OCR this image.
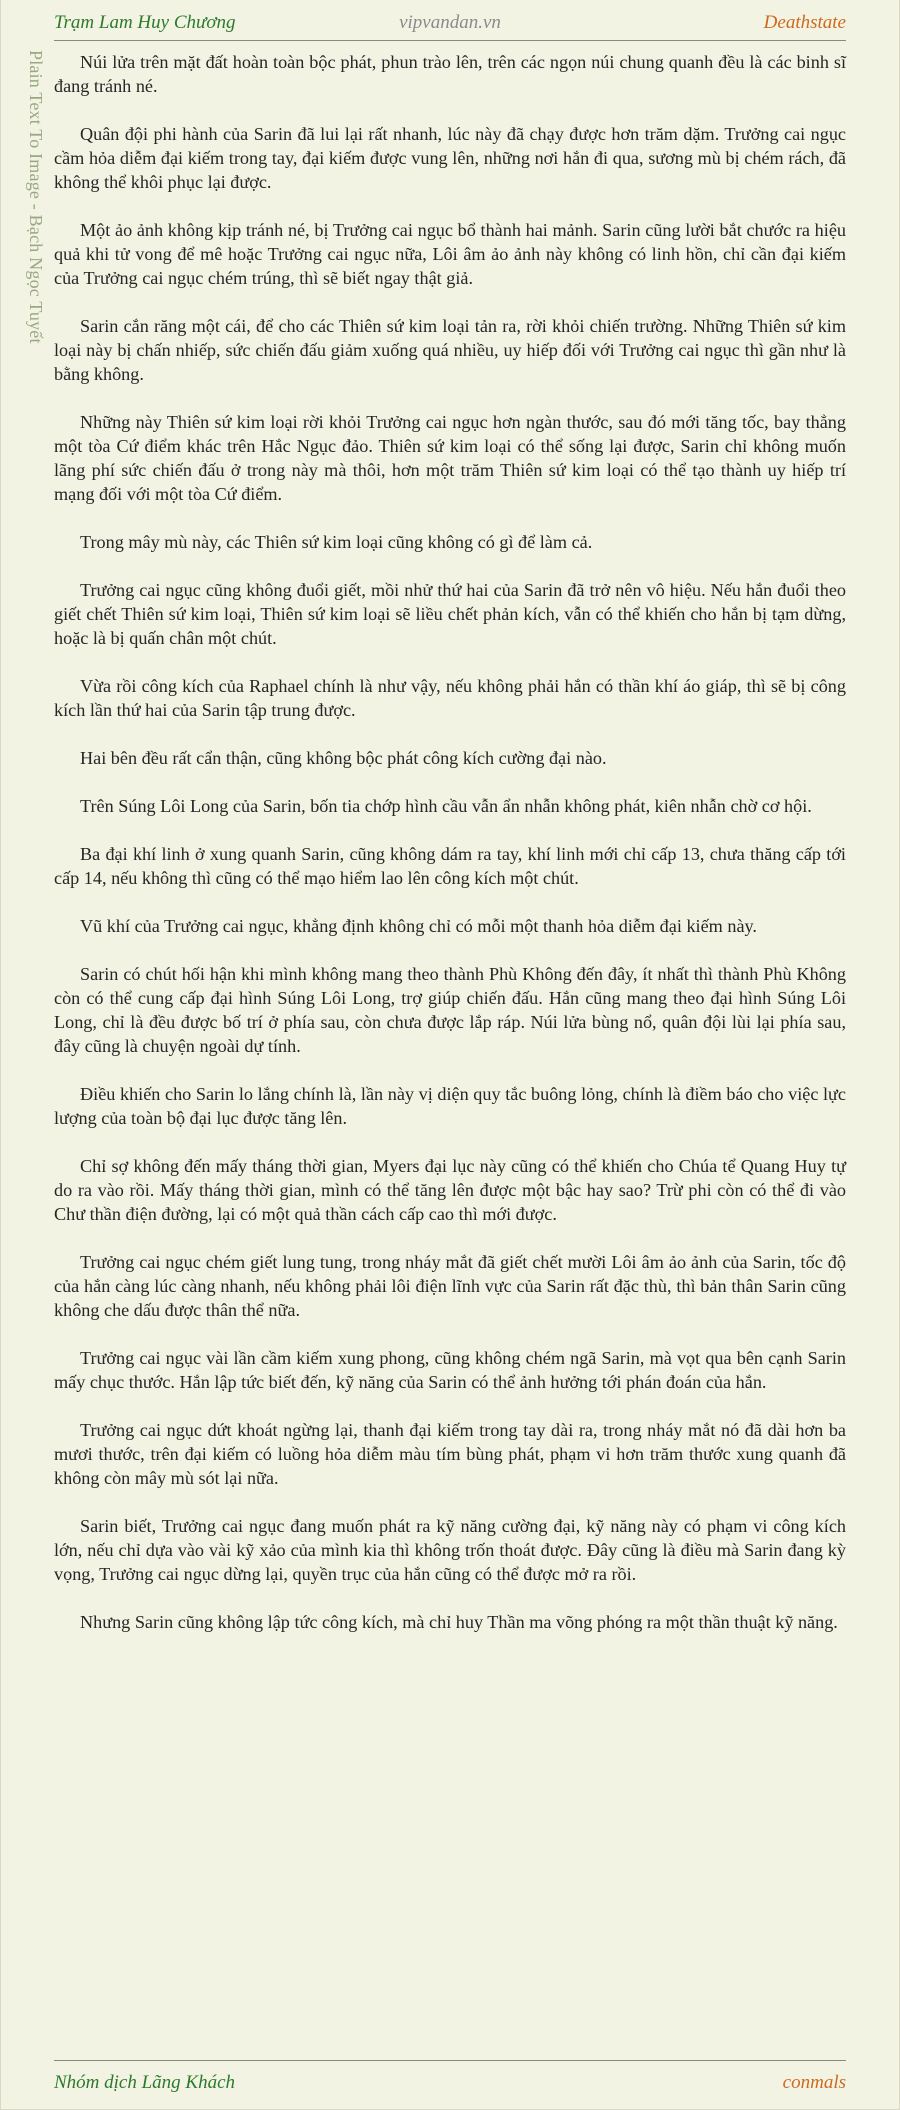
Trạm Lam Huy Chương	vipvandan.vn	Deathstate
Plain Text To Image - Bạch Ngọc Tuyết	Núi lửa trên mặt đất hoàn toàn bộc phát, phun trào lên, trên các ngọn núi chung quanh đều là các binh sĩ đang tránh né.

Quân đội phi hành của Sarin đã lui lại rất nhanh, lúc này đã chạy được hơn trăm dặm. Trưởng cai ngục cầm hỏa diễm đại kiếm trong tay, đại kiếm được vung lên, những nơi hắn đi qua, sương mù bị chém rách, đã không thể khôi phục lại được.

Một ảo ảnh không kịp tránh né, bị Trưởng cai ngục bổ thành hai mảnh. Sarin cũng lười bắt chước ra hiệu quả khi tử vong để mê hoặc Trưởng cai ngục nữa, Lôi âm ảo ảnh này không có linh hồn, chỉ cần đại kiếm của Trưởng cai ngục chém trúng, thì sẽ biết ngay thật giả.

Sarin cắn răng một cái, để cho các Thiên sứ kim loại tản ra, rời khỏi chiến trường. Những Thiên sứ kim loại này bị chấn nhiếp, sức chiến đấu giảm xuống quá nhiều, uy hiếp đối với Trưởng cai ngục thì gần như là bằng không.

Những này Thiên sứ kim loại rời khỏi Trưởng cai ngục hơn ngàn thước, sau đó mới tăng tốc, bay thẳng một tòa Cứ điểm khác trên Hắc Ngục đảo. Thiên sứ kim loại có thể sống lại được, Sarin chỉ không muốn lãng phí sức chiến đấu ở trong này mà thôi, hơn một trăm Thiên sứ kim loại có thể tạo thành uy hiếp trí mạng đối với một tòa Cứ điểm.

Trong mây mù này, các Thiên sứ kim loại cũng không có gì để làm cả.

Trưởng cai ngục cũng không đuổi giết, mồi nhử thứ hai của Sarin đã trở nên vô hiệu. Nếu hắn đuổi theo giết chết Thiên sứ kim loại, Thiên sứ kim loại sẽ liều chết phản kích, vẫn có thể khiến cho hắn bị tạm dừng, hoặc là bị quấn chân một chút.

Vừa rồi công kích của Raphael chính là như vậy, nếu không phải hắn có thần khí áo giáp, thì sẽ bị công kích lần thứ hai của Sarin tập trung được.

Hai bên đều rất cẩn thận, cũng không bộc phát công kích cường đại nào.

Trên Súng Lôi Long của Sarin, bốn tia chớp hình cầu vẫn ẩn nhẫn không phát, kiên nhẫn chờ cơ hội.

Ba đại khí linh ở xung quanh Sarin, cũng không dám ra tay, khí linh mới chỉ cấp 13, chưa thăng cấp tới cấp 14, nếu không thì cũng có thể mạo hiểm lao lên công kích một chút.

Vũ khí của Trưởng cai ngục, khẳng định không chỉ có mỗi một thanh hỏa diễm đại kiếm này.

Sarin có chút hối hận khi mình không mang theo thành Phù Không đến đây, ít nhất thì thành Phù Không còn có thể cung cấp đại hình Súng Lôi Long, trợ giúp chiến đấu. Hắn cũng mang theo đại hình Súng Lôi Long, chỉ là đều được bố trí ở phía sau, còn chưa được lắp ráp. Núi lửa bùng nổ, quân đội lùi lại phía sau, đây cũng là chuyện ngoài dự tính.

Điều khiến cho Sarin lo lắng chính là, lần này vị diện quy tắc buông lỏng, chính là điềm báo cho việc lực lượng của toàn bộ đại lục được tăng lên.

Chỉ sợ không đến mấy tháng thời gian, Myers đại lục này cũng có thể khiến cho Chúa tể Quang Huy tự do ra vào rồi. Mấy tháng thời gian, mình có thể tăng lên được một bậc hay sao? Trừ phi còn có thể đi vào Chư thần điện đường, lại có một quả thần cách cấp cao thì mới được.

Trưởng cai ngục chém giết lung tung, trong nháy mắt đã giết chết mười Lôi âm ảo ảnh của Sarin, tốc độ của hắn càng lúc càng nhanh, nếu không phải lôi điện lĩnh vực của Sarin rất đặc thù, thì bản thân Sarin cũng không che dấu được thân thể nữa.

Trưởng cai ngục vài lần cầm kiếm xung phong, cũng không chém ngã Sarin, mà vọt qua bên cạnh Sarin mấy chục thước. Hắn lập tức biết đến, kỹ năng của Sarin có thể ảnh hưởng tới phán đoán của hắn.

Trưởng cai ngục dứt khoát ngừng lại, thanh đại kiếm trong tay dài ra, trong nháy mắt nó đã dài hơn ba mươi thước, trên đại kiếm có luồng hỏa diễm màu tím bùng phát, phạm vi hơn trăm thước xung quanh đã không còn mây mù sót lại nữa.

Sarin biết, Trưởng cai ngục đang muốn phát ra kỹ năng cường đại, kỹ năng này có phạm vi công kích lớn, nếu chỉ dựa vào vài kỹ xảo của mình kia thì không trốn thoát được. Đây cũng là điều mà Sarin đang kỳ vọng, Trưởng cai ngục dừng lại, quyền trục của hắn cũng có thể được mở ra rồi.

Nhưng Sarin cũng không lập tức công kích, mà chỉ huy Thần ma võng phóng ra một thần thuật kỹ năng.

Nhóm dịch Lãng Khách	conmals
